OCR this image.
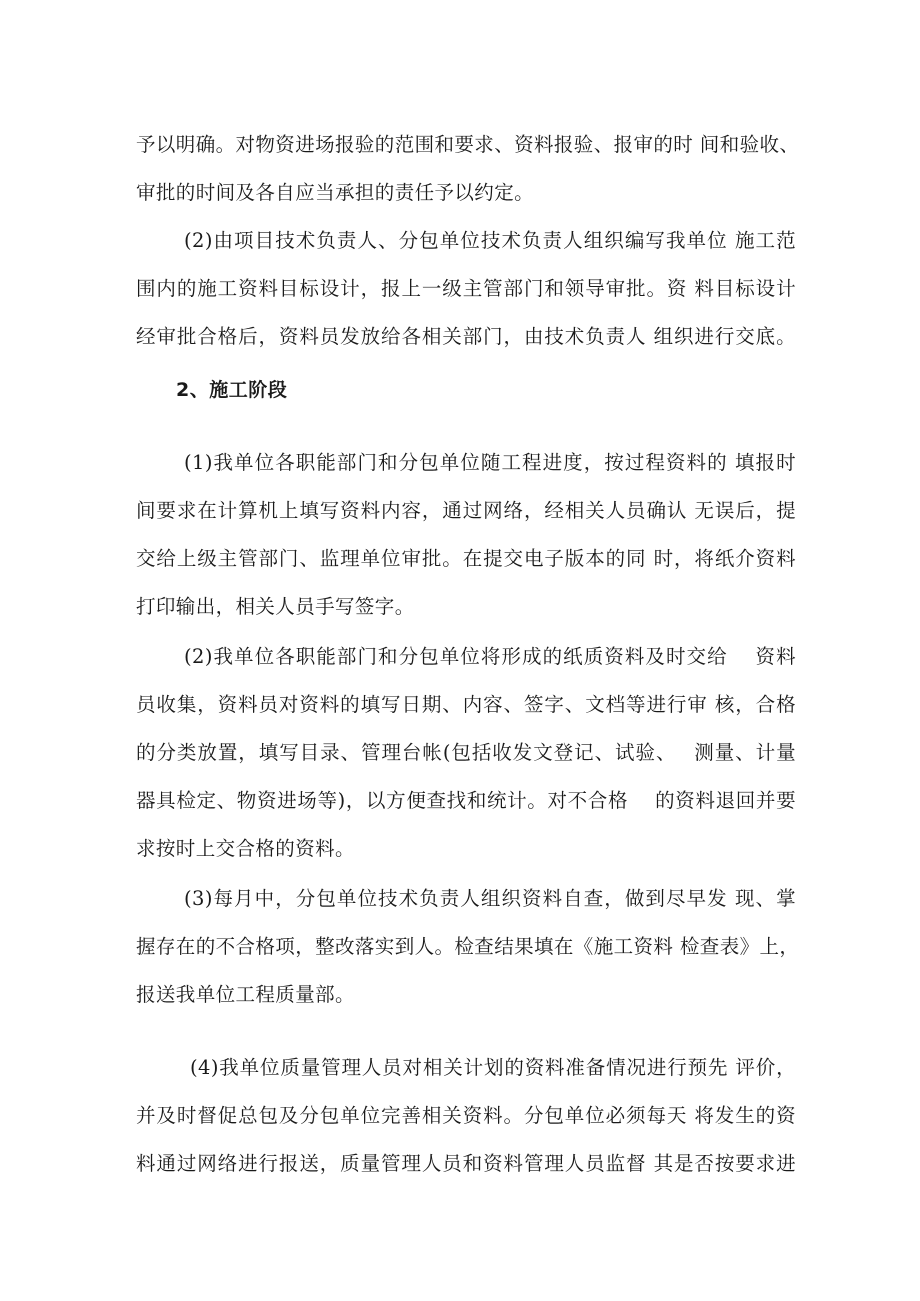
予以明确。对物资进场报验的范围和要求、资料报验、报审的时 间和验收、
审批的时间及各自应当承担的责任予以约定。
(2)由项目技术负责人、分包单位技术负责人组织编写我单位 施工范
围内的施工资料目标设计，报上一级主管部门和领导审批。资 料目标设计
经审批合格后，资料员发放给各相关部门，由技术负责人 组织进行交底。
2、施工阶段
(1)我单位各职能部门和分包单位随工程进度，按过程资料的 填报时
间要求在计算机上填写资料内容，通过网络，经相关人员确认 无误后，提
交给上级主管部门、监理单位审批。在提交电子版本的同 时，将纸介资料
打印输出，相关人员手写签字。
(2)我单位各职能部门和分包单位将形成的纸质资料及时交给　 资料
员收集，资料员对资料的填写日期、内容、签字、文档等进行审 核，合格
的分类放置，填写目录、管理台帐(包括收发文登记、试验、　 测量、计量
器具检定、物资进场等)，以方便查找和统计。对不合格　 的资料退回并要
求按时上交合格的资料。
(3)每月中，分包单位技术负责人组织资料自查，做到尽早发 现、掌
握存在的不合格项，整改落实到人。检查结果填在《施工资料 检查表》上，
报送我单位工程质量部。
(4)我单位质量管理人员对相关计划的资料准备情况进行预先 评价，
并及时督促总包及分包单位完善相关资料。分包单位必须每天 将发生的资
料通过网络进行报送，质量管理人员和资料管理人员监督 其是否按要求进
